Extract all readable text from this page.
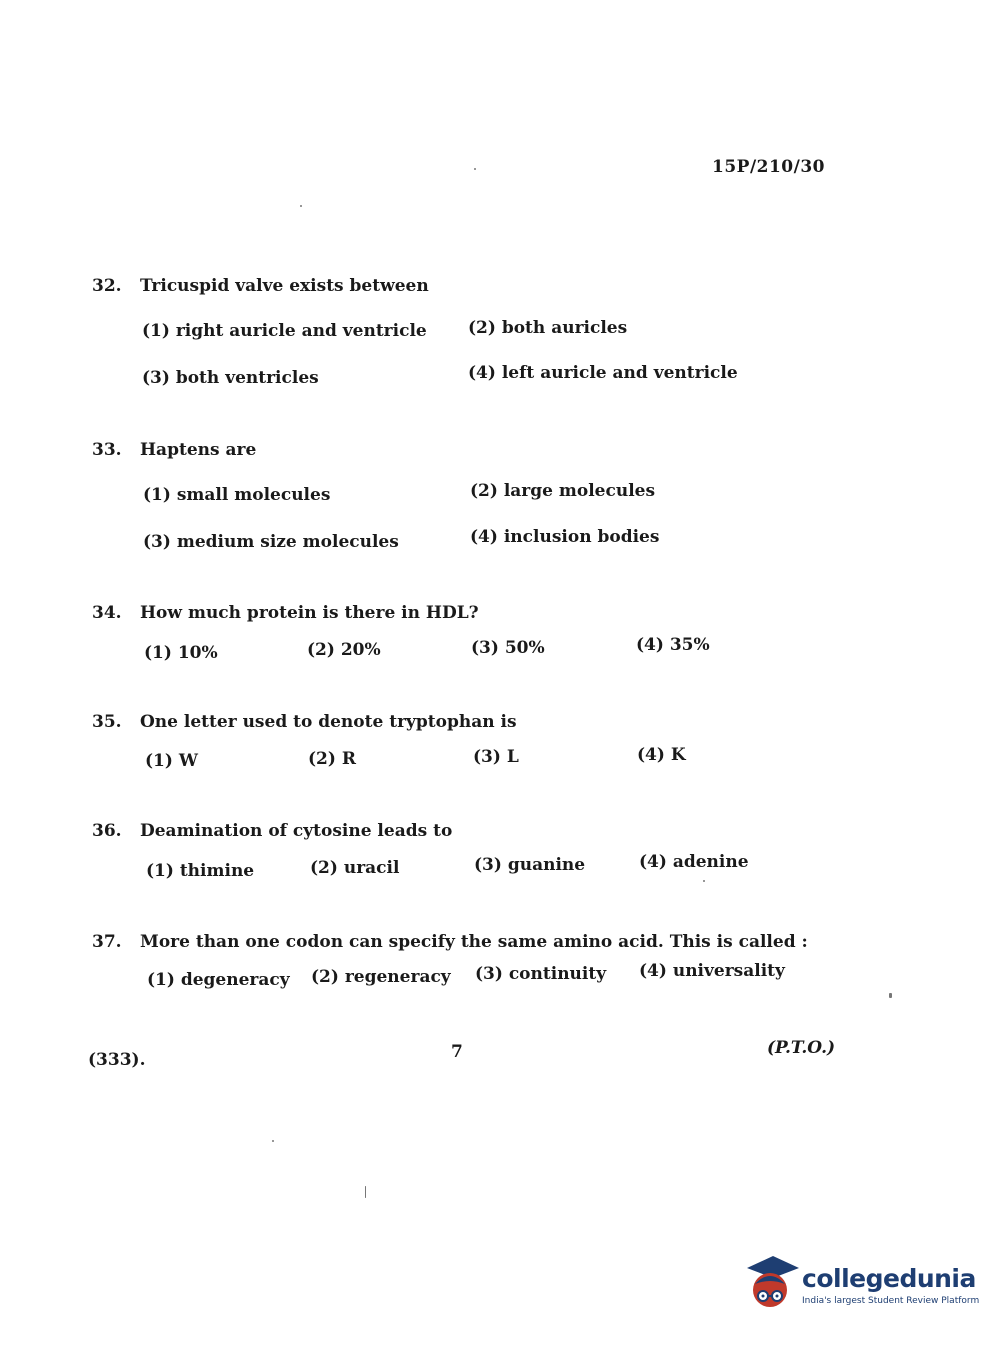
15P/210/30
32. Tricuspid valve exists between
(1) right auricle and ventricle (2) both auricles
(3) both ventricles	(4) left auricle and ventricle
33. Haptens are
(1) small molecules	(2) large molecules
(3) medium size molecules	(4) inclusion bodies
34. How much protein is there in HDL?
(1) 10%	(2) 20%	(3) 50%	(4) 35%
35. One letter used to denote tryptophan is
(1) W	(2) R	(3) L	(4) K
36. Deamination of cytosine leads to
(1) thimine	(2) uracil	(3) guanine	(4) adenine
37. More than one codon can specify the same amino acid. This is called :
(1) degeneracy (2) regeneracy (3) continuity (4) universality
(333).	7	(P.T.O.)
collegedunia
India's largest Student Review Platform
